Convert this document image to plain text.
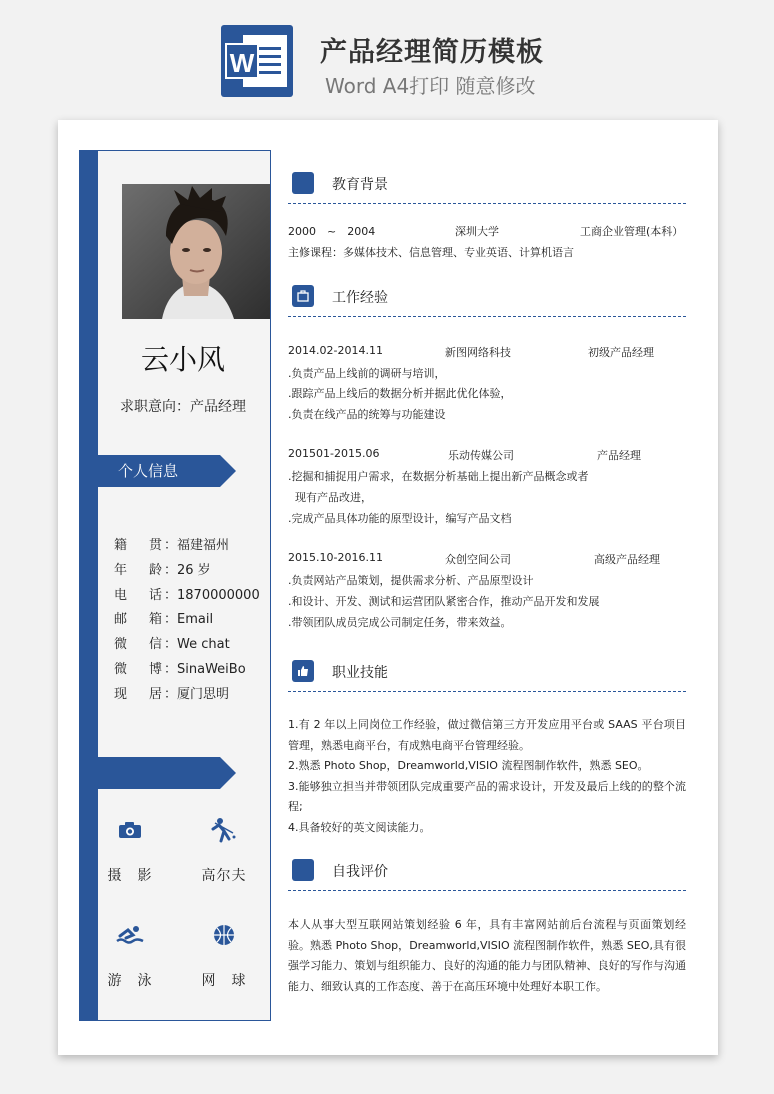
W 产品经理简历模板
Word A4打印 随意修改
云小风
求职意向：产品经理
个人信息
籍 贯 ：福建福州
年 龄 ：26 岁
电 话 ：1870000000
邮 箱 ：Email
微 信 ：We chat
微 博 ：SinaWeiBo
现 居 ：厦门思明
摄　影	高尔夫
游　泳	网　球
教育背景
2000　~　2004	深圳大学	工商企业管理(本科）
主修课程：多媒体技术、信息管理、专业英语、计算机语言
工作经验
2014.02-2014.11	新图网络科技	初级产品经理
.负责产品上线前的调研与培训，
.跟踪产品上线后的数据分析并据此优化体验，
.负责在线产品的统筹与功能建设
201501-2015.06	乐动传媒公司	产品经理
.挖掘和捕捉用户需求，在数据分析基础上提出新产品概念或者
现有产品改进，
.完成产品具体功能的原型设计，编写产品文档
2015.10-2016.11	众创空间公司	高级产品经理
.负责网站产品策划，提供需求分析、产品原型设计
.和设计、开发、测试和运营团队紧密合作，推动产品开发和发展
.带领团队成员完成公司制定任务，带来效益。
职业技能
1.有 2 年以上同岗位工作经验，做过微信第三方开发应用平台或 SAAS 平台项目管理，熟悉电商平台，有成熟电商平台管理经验。
2.熟悉 Photo Shop，Dreamworld,VISIO 流程图制作软件，熟悉 SEO。
3.能够独立担当并带领团队完成重要产品的需求设计，开发及最后上线的的整个流程;
4.具备较好的英文阅读能力。
自我评价
本人从事大型互联网站策划经验 6 年，具有丰富网站前后台流程与页面策划经验。熟悉 Photo Shop，Dreamworld,VISIO 流程图制作软件，熟悉 SEO,具有很强学习能力、策划与组织能力、良好的沟通的能力与团队精神、良好的写作与沟通能力、细致认真的工作态度、善于在高压环境中处理好本职工作。
